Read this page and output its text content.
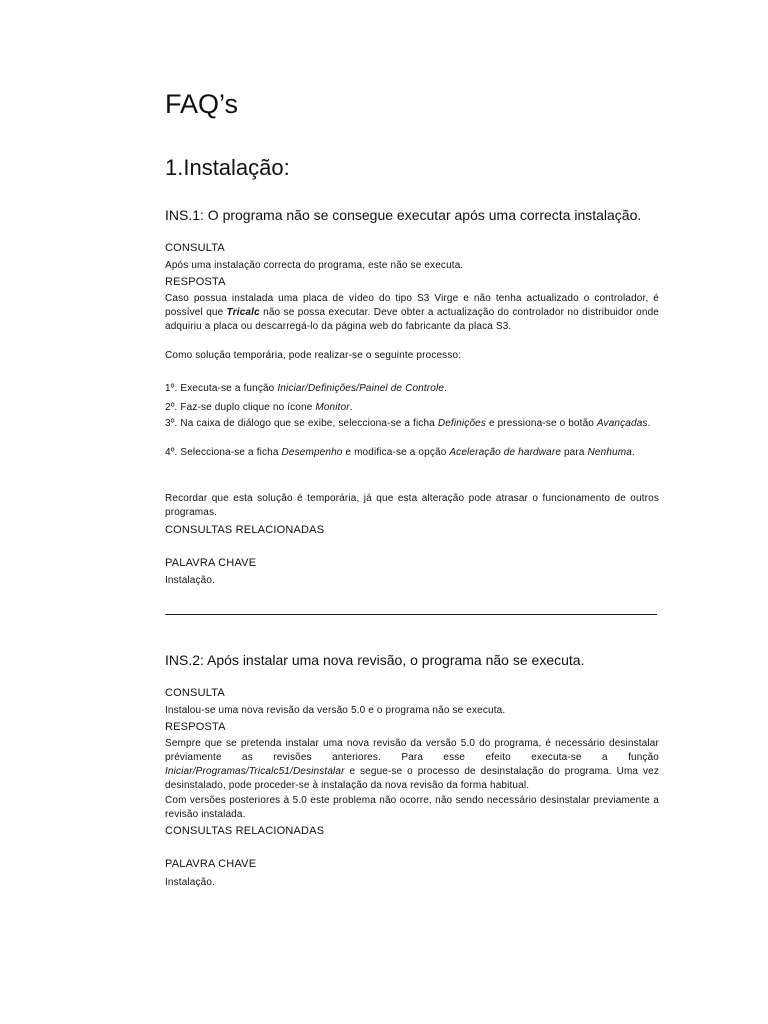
FAQ’s
1.Instalação:
INS.1: O programa não se consegue executar após uma correcta instalação.
CONSULTA
Após uma instalação correcta do programa, este não se executa.
RESPOSTA
Caso possua instalada uma placa de vídeo do tipo S3 Virge e não tenha actualizado o controlador, é possível que Tricalc não se possa executar. Deve obter a actualização do controlador no distribuidor onde adquiriu a placa ou descarregá-lo da página web do fabricante da placa S3.
Como solução temporária, pode realizar-se o seguinte processo:
1º. Executa-se a função Iniciar/Definições/Painel de Controle.
2º. Faz-se duplo clique no ícone Monitor.
3º. Na caixa de diálogo que se exibe, selecciona-se a ficha Definições e pressiona-se o botão Avançadas.
4º. Selecciona-se a ficha Desempenho e modifica-se a opção Aceleração de hardware para Nenhuma.
Recordar que esta solução é temporária, já que esta alteração pode atrasar o funcionamento de outros programas.
CONSULTAS RELACIONADAS
PALAVRA CHAVE
Instalação.
INS.2: Após instalar uma nova revisão, o programa não se executa.
CONSULTA
Instalou-se uma nova revisão da versão 5.0 e o programa não se executa.
RESPOSTA
Sempre que se pretenda instalar uma nova revisão da versão 5.0 do programa, é necessário desinstalar préviamente as revisões anteriores. Para esse efeito executa-se a função Iniciar/Programas/Tricalc51/Desinstalar e segue-se o processo de desinstalação do programa. Uma vez desinstalado, pode proceder-se à instalação da nova revisão da forma habitual.
Com versões posteriores à 5.0 este problema não ocorre, não sendo necessário desinstalar previamente a revisão instalada.
CONSULTAS RELACIONADAS
PALAVRA CHAVE
Instalação.
